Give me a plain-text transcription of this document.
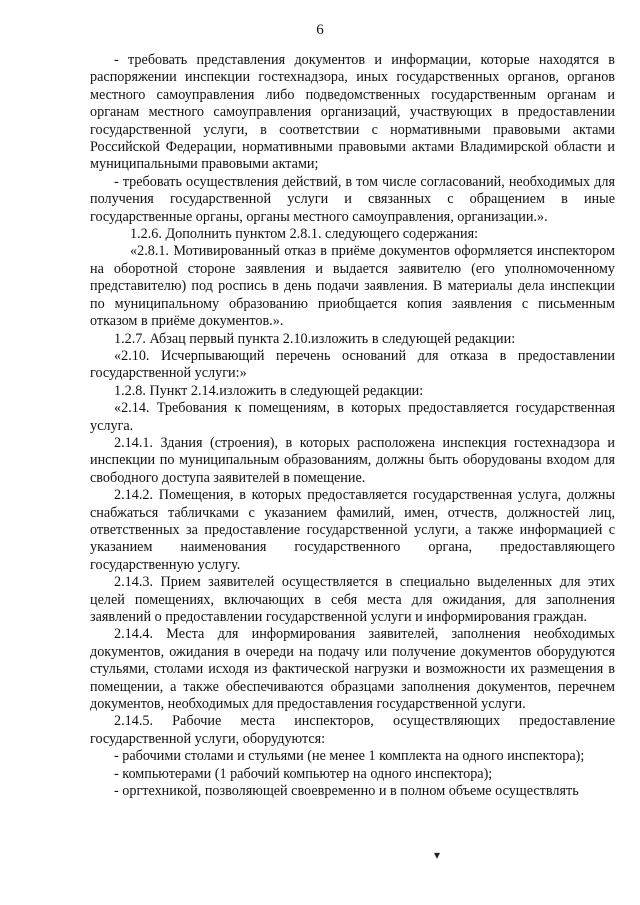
6

- требовать представления документов и информации, которые находятся в распоряжении инспекции гостехнадзора, иных государственных органов, органов местного самоуправления либо подведомственных государственным органам и органам местного самоуправления организаций, участвующих в предоставлении государственной услуги, в соответствии с нормативными правовыми актами Российской Федерации, нормативными правовыми актами Владимирской области и муниципальными правовыми актами;

- требовать осуществления действий, в том числе согласований, необходимых для получения государственной услуги и связанных с обращением в иные государственные органы, органы местного самоуправления, организации.».

1.2.6. Дополнить пунктом 2.8.1. следующего содержания:

«2.8.1. Мотивированный отказ в приёме документов оформляется инспектором на оборотной стороне заявления и выдается заявителю (его уполномоченному представителю) под роспись в день подачи заявления. В материалы дела инспекции по муниципальному образованию приобщается копия заявления с письменным отказом в приёме документов.».

1.2.7. Абзац первый пункта 2.10.изложить в следующей редакции:

«2.10. Исчерпывающий перечень оснований для отказа в предоставлении государственной услуги:»

1.2.8. Пункт 2.14.изложить в следующей редакции:

«2.14. Требования к помещениям, в которых предоставляется государственная услуга.

2.14.1. Здания (строения), в которых расположена инспекция гостехнадзора и инспекции по муниципальным образованиям, должны быть оборудованы входом для свободного доступа заявителей в помещение.

2.14.2. Помещения, в которых предоставляется государственная услуга, должны снабжаться табличками с указанием фамилий, имен, отчеств, должностей лиц, ответственных за предоставление государственной услуги, а также информацией с указанием наименования государственного органа, предоставляющего государственную услугу.

2.14.3. Прием заявителей осуществляется в специально выделенных для этих целей помещениях, включающих в себя места для ожидания, для заполнения заявлений о предоставлении государственной услуги и информирования граждан.

2.14.4. Места для информирования заявителей, заполнения необходимых документов, ожидания в очереди на подачу или получение документов оборудуются стульями, столами исходя из фактической нагрузки и возможности их размещения в помещении, а также обеспечиваются образцами заполнения документов, перечнем документов, необходимых для предоставления государственной услуги.

2.14.5. Рабочие места инспекторов, осуществляющих предоставление государственной услуги, оборудуются:

- рабочими столами и стульями (не менее 1 комплекта на одного инспектора);

- компьютерами (1 рабочий компьютер на одного инспектора);

- оргтехникой, позволяющей своевременно и в полном объеме осуществлять

▾
